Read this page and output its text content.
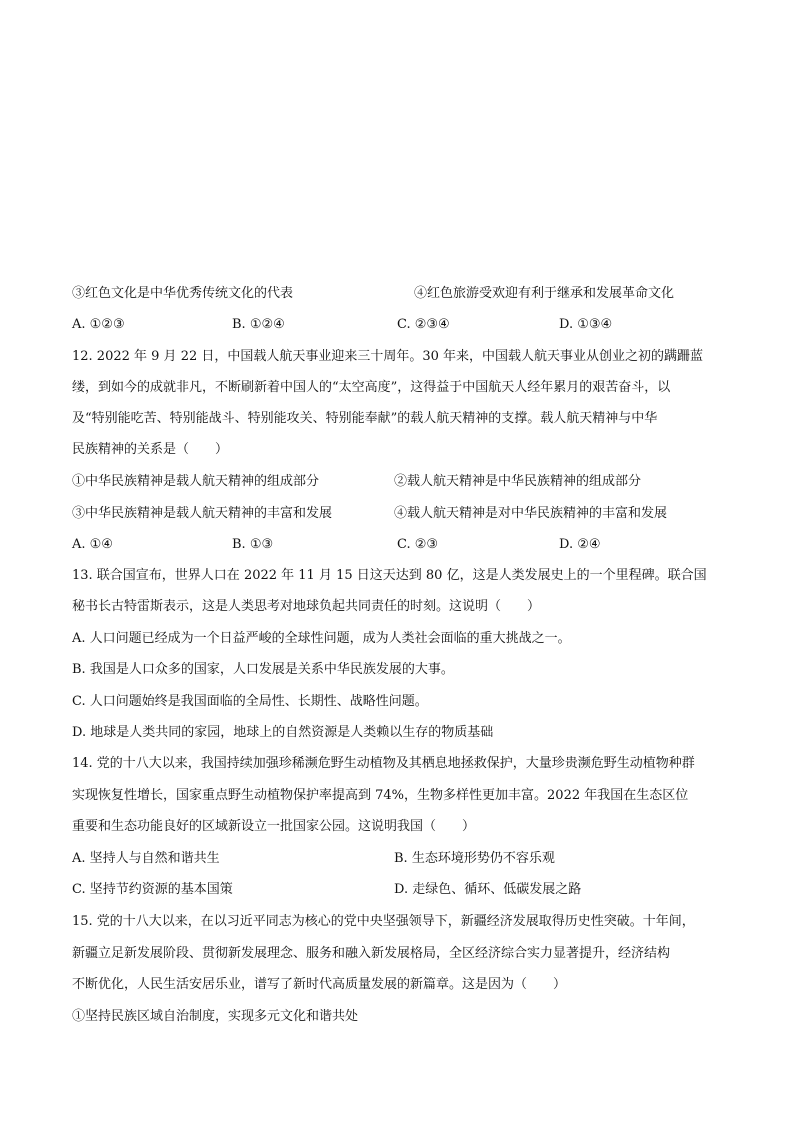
③红色文化是中华优秀传统文化的代表	④红色旅游受欢迎有利于继承和发展革命文化
A. ①②③	B. ①②④	C. ②③④	D. ①③④
12. 2022 年 9 月 22 日，中国载人航天事业迎来三十周年。30 年来，中国载人航天事业从创业之初的蹒跚蓝
缕，到如今的成就非凡，不断刷新着中国人的“太空高度”，这得益于中国航天人经年累月的艰苦奋斗，以
及“特别能吃苦、特别能战斗、特别能攻关、特别能奉献”的载人航天精神的支撑。载人航天精神与中华
民族精神的关系是（　　）
①中华民族精神是载人航天精神的组成部分	②载人航天精神是中华民族精神的组成部分
③中华民族精神是载人航天精神的丰富和发展	④载人航天精神是对中华民族精神的丰富和发展
A. ①④	B. ①③	C. ②③	D. ②④
13. 联合国宣布，世界人口在 2022 年 11 月 15 日这天达到 80 亿，这是人类发展史上的一个里程碑。联合国
秘书长古特雷斯表示，这是人类思考对地球负起共同责任的时刻。这说明（　　）
A. 人口问题已经成为一个日益严峻的全球性问题，成为人类社会面临的重大挑战之一。
B. 我国是人口众多的国家，人口发展是关系中华民族发展的大事。
C. 人口问题始终是我国面临的全局性、长期性、战略性问题。
D. 地球是人类共同的家园，地球上的自然资源是人类赖以生存的物质基础
14. 党的十八大以来，我国持续加强珍稀濒危野生动植物及其栖息地拯救保护，大量珍贵濒危野生动植物种群
实现恢复性增长，国家重点野生动植物保护率提高到 74%，生物多样性更加丰富。2022 年我国在生态区位
重要和生态功能良好的区域新设立一批国家公园。这说明我国（　　）
A. 坚持人与自然和谐共生	B. 生态环境形势仍不容乐观
C. 坚持节约资源的基本国策	D. 走绿色、循环、低碳发展之路
15. 党的十八大以来，在以习近平同志为核心的党中央坚强领导下，新疆经济发展取得历史性突破。十年间，
新疆立足新发展阶段、贯彻新发展理念、服务和融入新发展格局，全区经济综合实力显著提升，经济结构
不断优化，人民生活安居乐业，谱写了新时代高质量发展的新篇章。这是因为（　　）
①坚持民族区域自治制度，实现多元文化和谐共处
